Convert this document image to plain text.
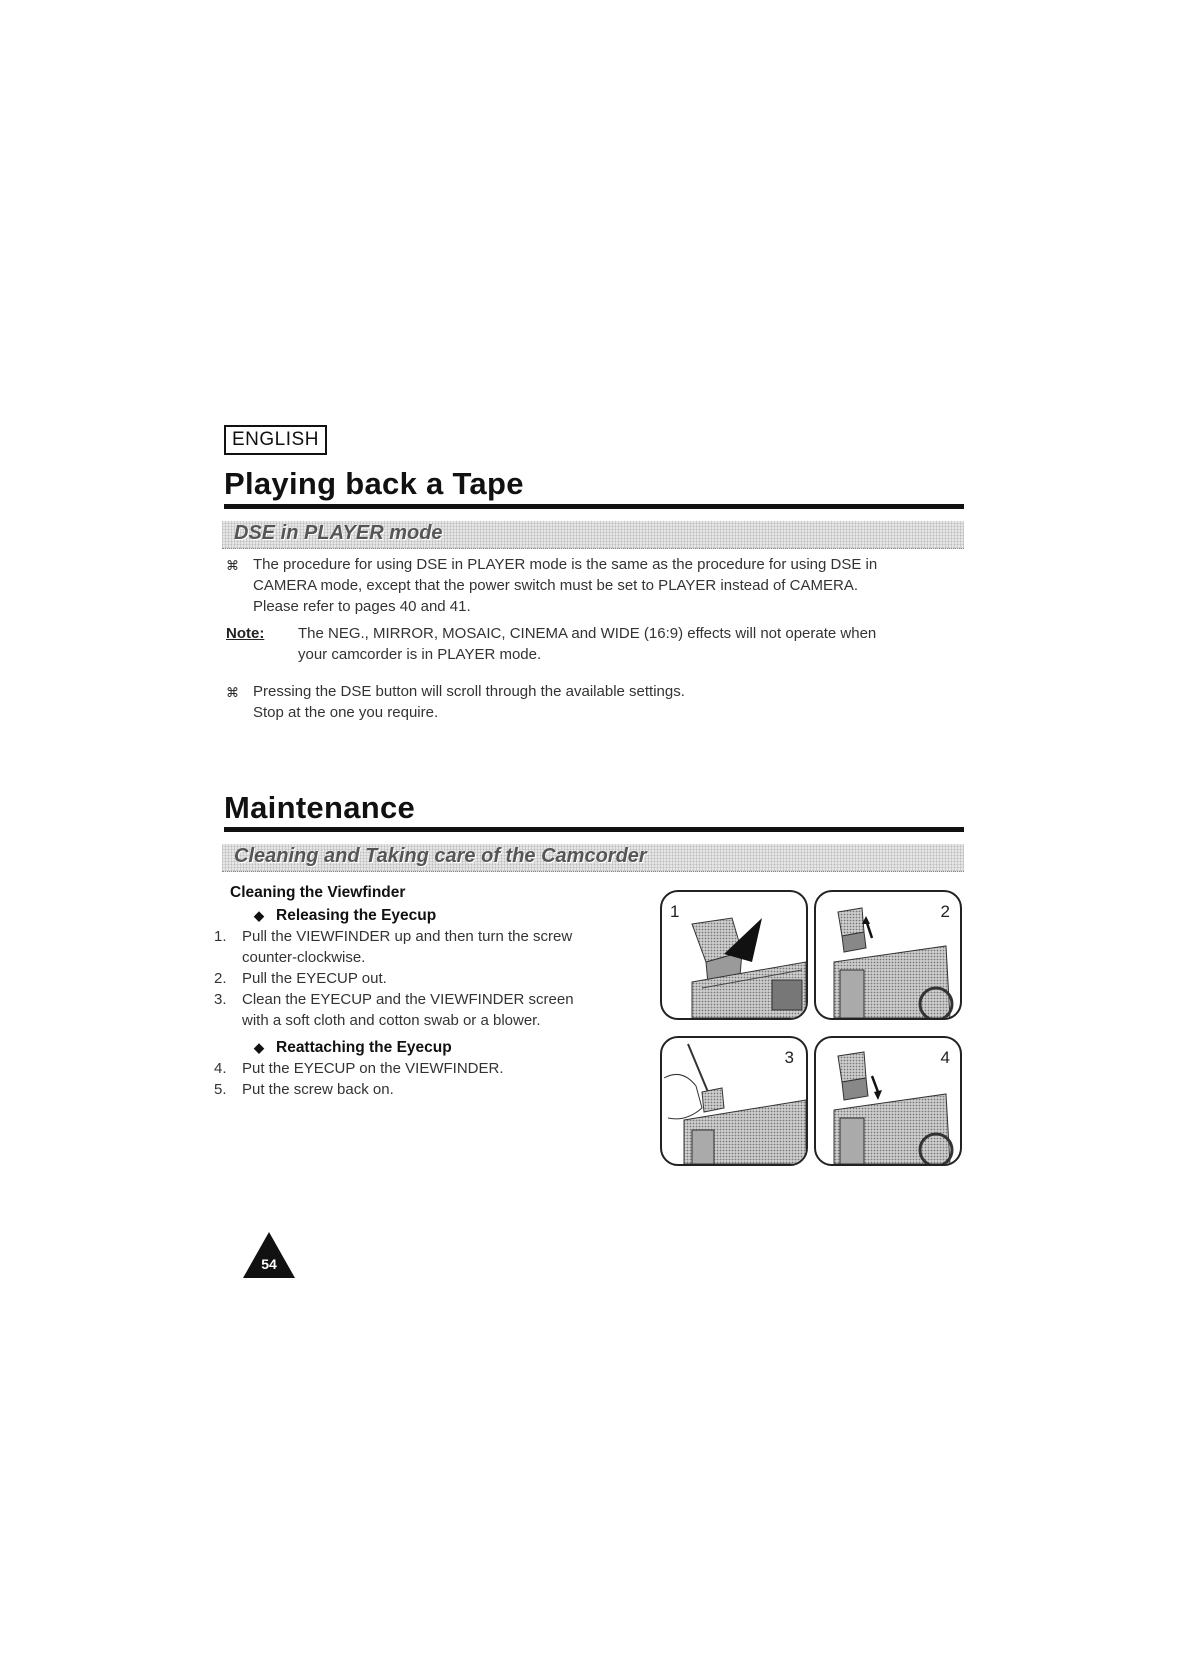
ENGLISH
Playing back a Tape
DSE in PLAYER mode
⌘ The procedure for using DSE in PLAYER mode is the same as the procedure for using DSE in
CAMERA mode, except that the power switch must be set to PLAYER instead of CAMERA.
Please refer to pages 40 and 41.
Note: The NEG., MIRROR, MOSAIC, CINEMA and WIDE (16:9) effects will not operate when
your camcorder is in PLAYER mode.
⌘ Pressing the DSE button will scroll through the available settings.
Stop at the one you require.
Maintenance
Cleaning and Taking care of the Camcorder
Cleaning the Viewfinder
◆ Releasing the Eyecup
1. Pull the VIEWFINDER up and then turn the screw
counter-clockwise.
2. Pull the EYECUP out.
3. Clean the EYECUP and the VIEWFINDER screen
with a soft cloth and cotton swab or a blower.
◆ Reattaching the Eyecup
4. Put the EYECUP on the VIEWFINDER.
5. Put the screw back on.
1	2
3	4
54
